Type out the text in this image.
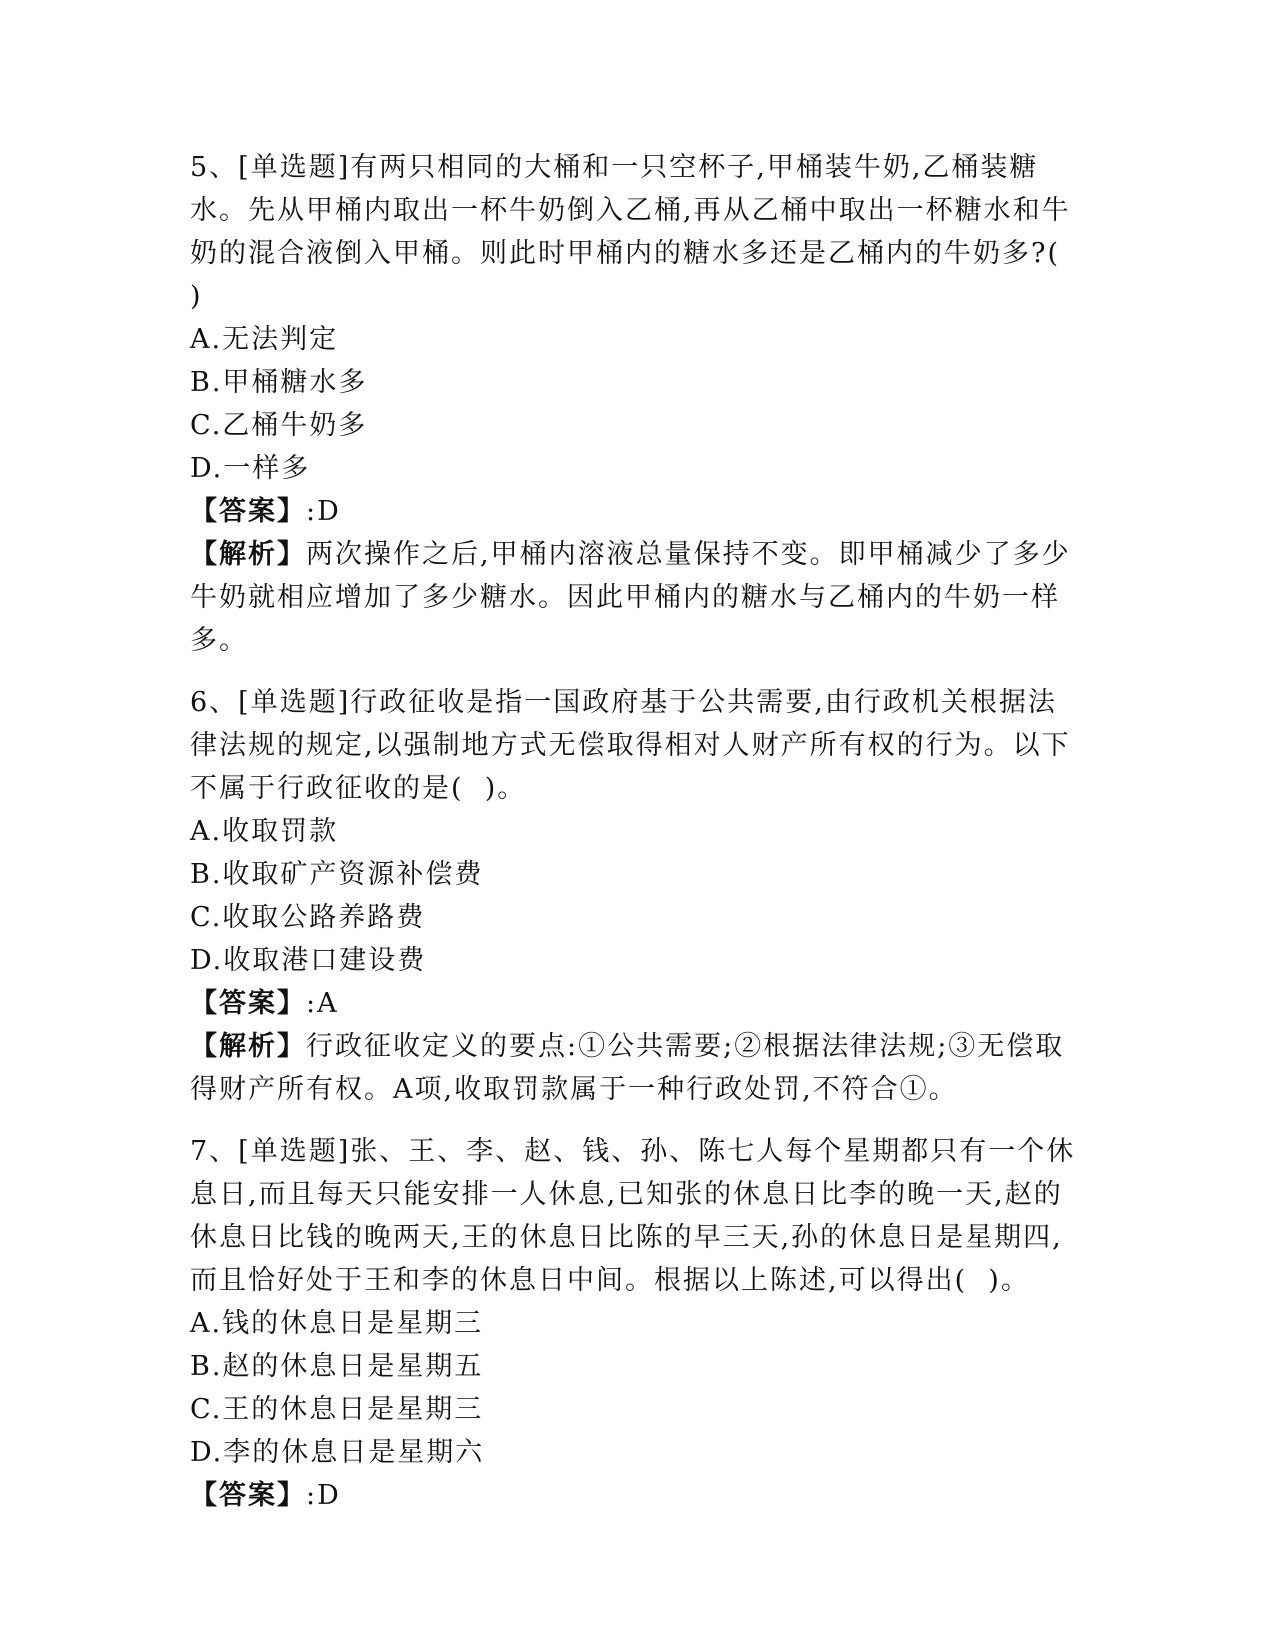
5、[单选题]有两只相同的大桶和一只空杯子,甲桶装牛奶,乙桶装糖水。先从甲桶内取出一杯牛奶倒入乙桶,再从乙桶中取出一杯糖水和牛奶的混合液倒入甲桶。则此时甲桶内的糖水多还是乙桶内的牛奶多?(  )

A.无法判定

B.甲桶糖水多

C.乙桶牛奶多

D.一样多

【答案】:D

【解析】两次操作之后,甲桶内溶液总量保持不变。即甲桶减少了多少牛奶就相应增加了多少糖水。因此甲桶内的糖水与乙桶内的牛奶一样多。

6、[单选题]行政征收是指一国政府基于公共需要,由行政机关根据法律法规的规定,以强制地方式无偿取得相对人财产所有权的行为。以下不属于行政征收的是(  )。

A.收取罚款

B.收取矿产资源补偿费

C.收取公路养路费

D.收取港口建设费

【答案】:A

【解析】行政征收定义的要点:①公共需要;②根据法律法规;③无偿取得财产所有权。A项,收取罚款属于一种行政处罚,不符合①。

7、[单选题]张、王、李、赵、钱、孙、陈七人每个星期都只有一个休息日,而且每天只能安排一人休息,已知张的休息日比李的晚一天,赵的休息日比钱的晚两天,王的休息日比陈的早三天,孙的休息日是星期四,而且恰好处于王和李的休息日中间。根据以上陈述,可以得出(  )。

A.钱的休息日是星期三

B.赵的休息日是星期五

C.王的休息日是星期三

D.李的休息日是星期六

【答案】:D
